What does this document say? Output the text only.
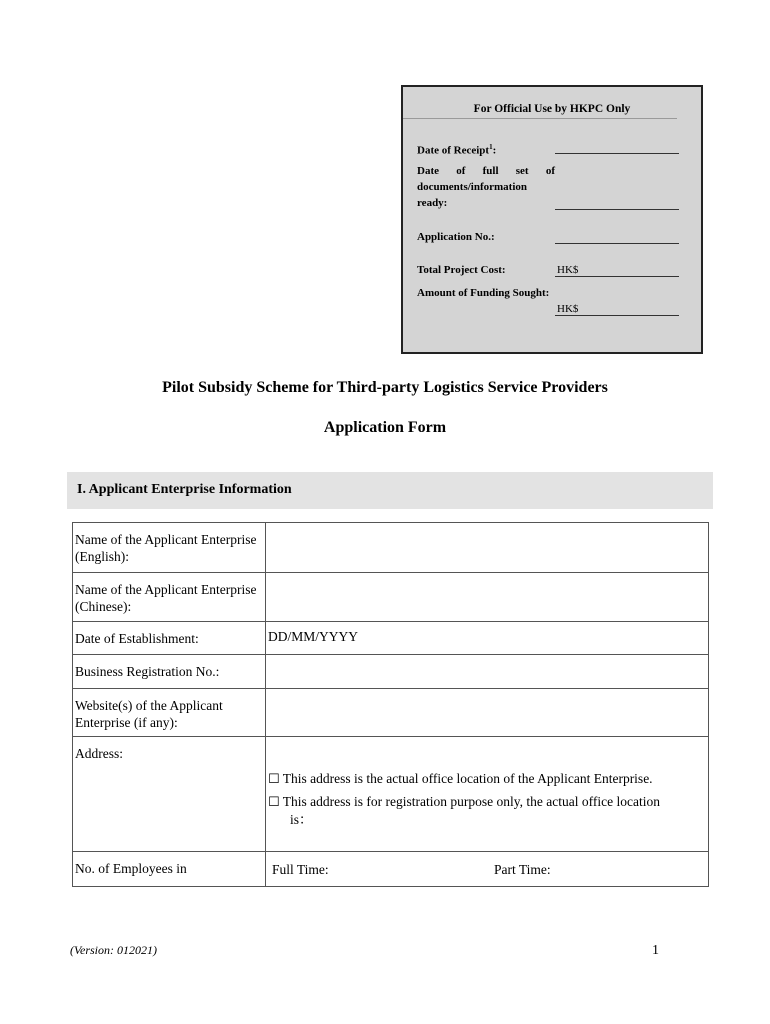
For Official Use by HKPC Only
Date of Receipt$^1$:
Date of full set of documents/information ready:
Application No.:
Total Project Cost:	HK$
Amount of Funding Sought:
HK$
Pilot Subsidy Scheme for Third-party Logistics Service Providers
Application Form
I. Applicant Enterprise Information
Name of the Applicant Enterprise (English):	
Name of the Applicant Enterprise (Chinese):	
Date of Establishment:	DD/MM/YYYY
Business Registration No.:	
Website(s) of the Applicant Enterprise (if any):	
Address:	☐ This address is the actual office location of the Applicant Enterprise.
☐ This address is for registration purpose only, the actual office location
is：

No. of Employees in	Full Time: Part Time:
(Version: 012021)	1
